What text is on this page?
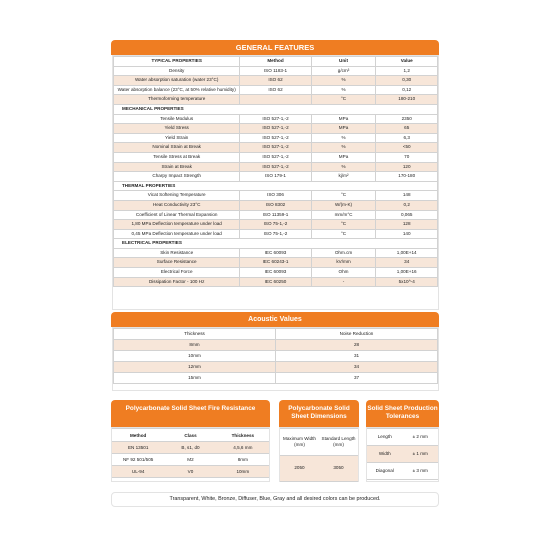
GENERAL FEATURES
TYPICAL PROPERTIES	Method	Unit	Value
Density	ISO 1183-1	g/cm³	1,2
Water absorption saturation (water 23°C)	ISO 62	%	0,30
Water absorption balance (23°C, at 50% relative humidity)	ISO 62	%	0,12
Thermoforming temperature		°C	180-210
MECHANICAL PROPERTIES			
Tensile Modulus	ISO 527-1,-2	MPa	2350
Yield Stress	ISO 527-1,-2	MPa	65
Yield Strain	ISO 527-1,-2	%	6,3
Nominal Strain at Break	ISO 527-1,-2	%	<50
Tensile Stress at Break	ISO 527-1,-2	MPa	70
Strain at Break	ISO 527-1,-2	%	120
Charpy Impact Strength	ISO 179-1	kj/m²	170-180
THERMAL PROPERTIES			
Vicat Softening Temperature	ISO 306	°C	148
Heat Conductivity 23°C	ISO 8302	W/(m-K)	0,2
Coefficient of Linear Thermal Expansion	ISO 11359-1	mm/m°C	0,065
1,80 MPa Deflection temperature under load	ISO 75-1,-2	°C	128
0,45 MPa Deflection temperature under load	ISO 75-1,-2	°C	140
ELECTRICAL PROPERTIES			
Skin Resistance	IEC 60093	Ohm.cm	1,00E+14
Surface Resistance	IEC 60243-1	kV/mm	34
Electrical Force	IEC 60093	Ohm	1,00E+16
Dissipation Factor - 100 Hz	IEC 60250	-	5x10^-4
Acoustic Values
Thickness	Noise Reduction
8mm	28
10mm	31
12mm	34
15mm	37
Polycarbonate Solid Sheet Fire Resistance
Method	Class	Thickness
EN 13501	B, s1, d0	4,5,6 mm
NF 92 501/505	M2	8mm
UL-94	V0	10mm
Polycarbonate Solid Sheet Dimensions
Maximum Width (mm)	Standard Length (mm)
2050	3050
Solid Sheet Production Tolerances
Length	± 2 mm
Width	± 1 mm
Diagonal	± 3 mm
Transparent, White, Bronze, Diffuser, Blue, Gray and all desired colors can be produced.
